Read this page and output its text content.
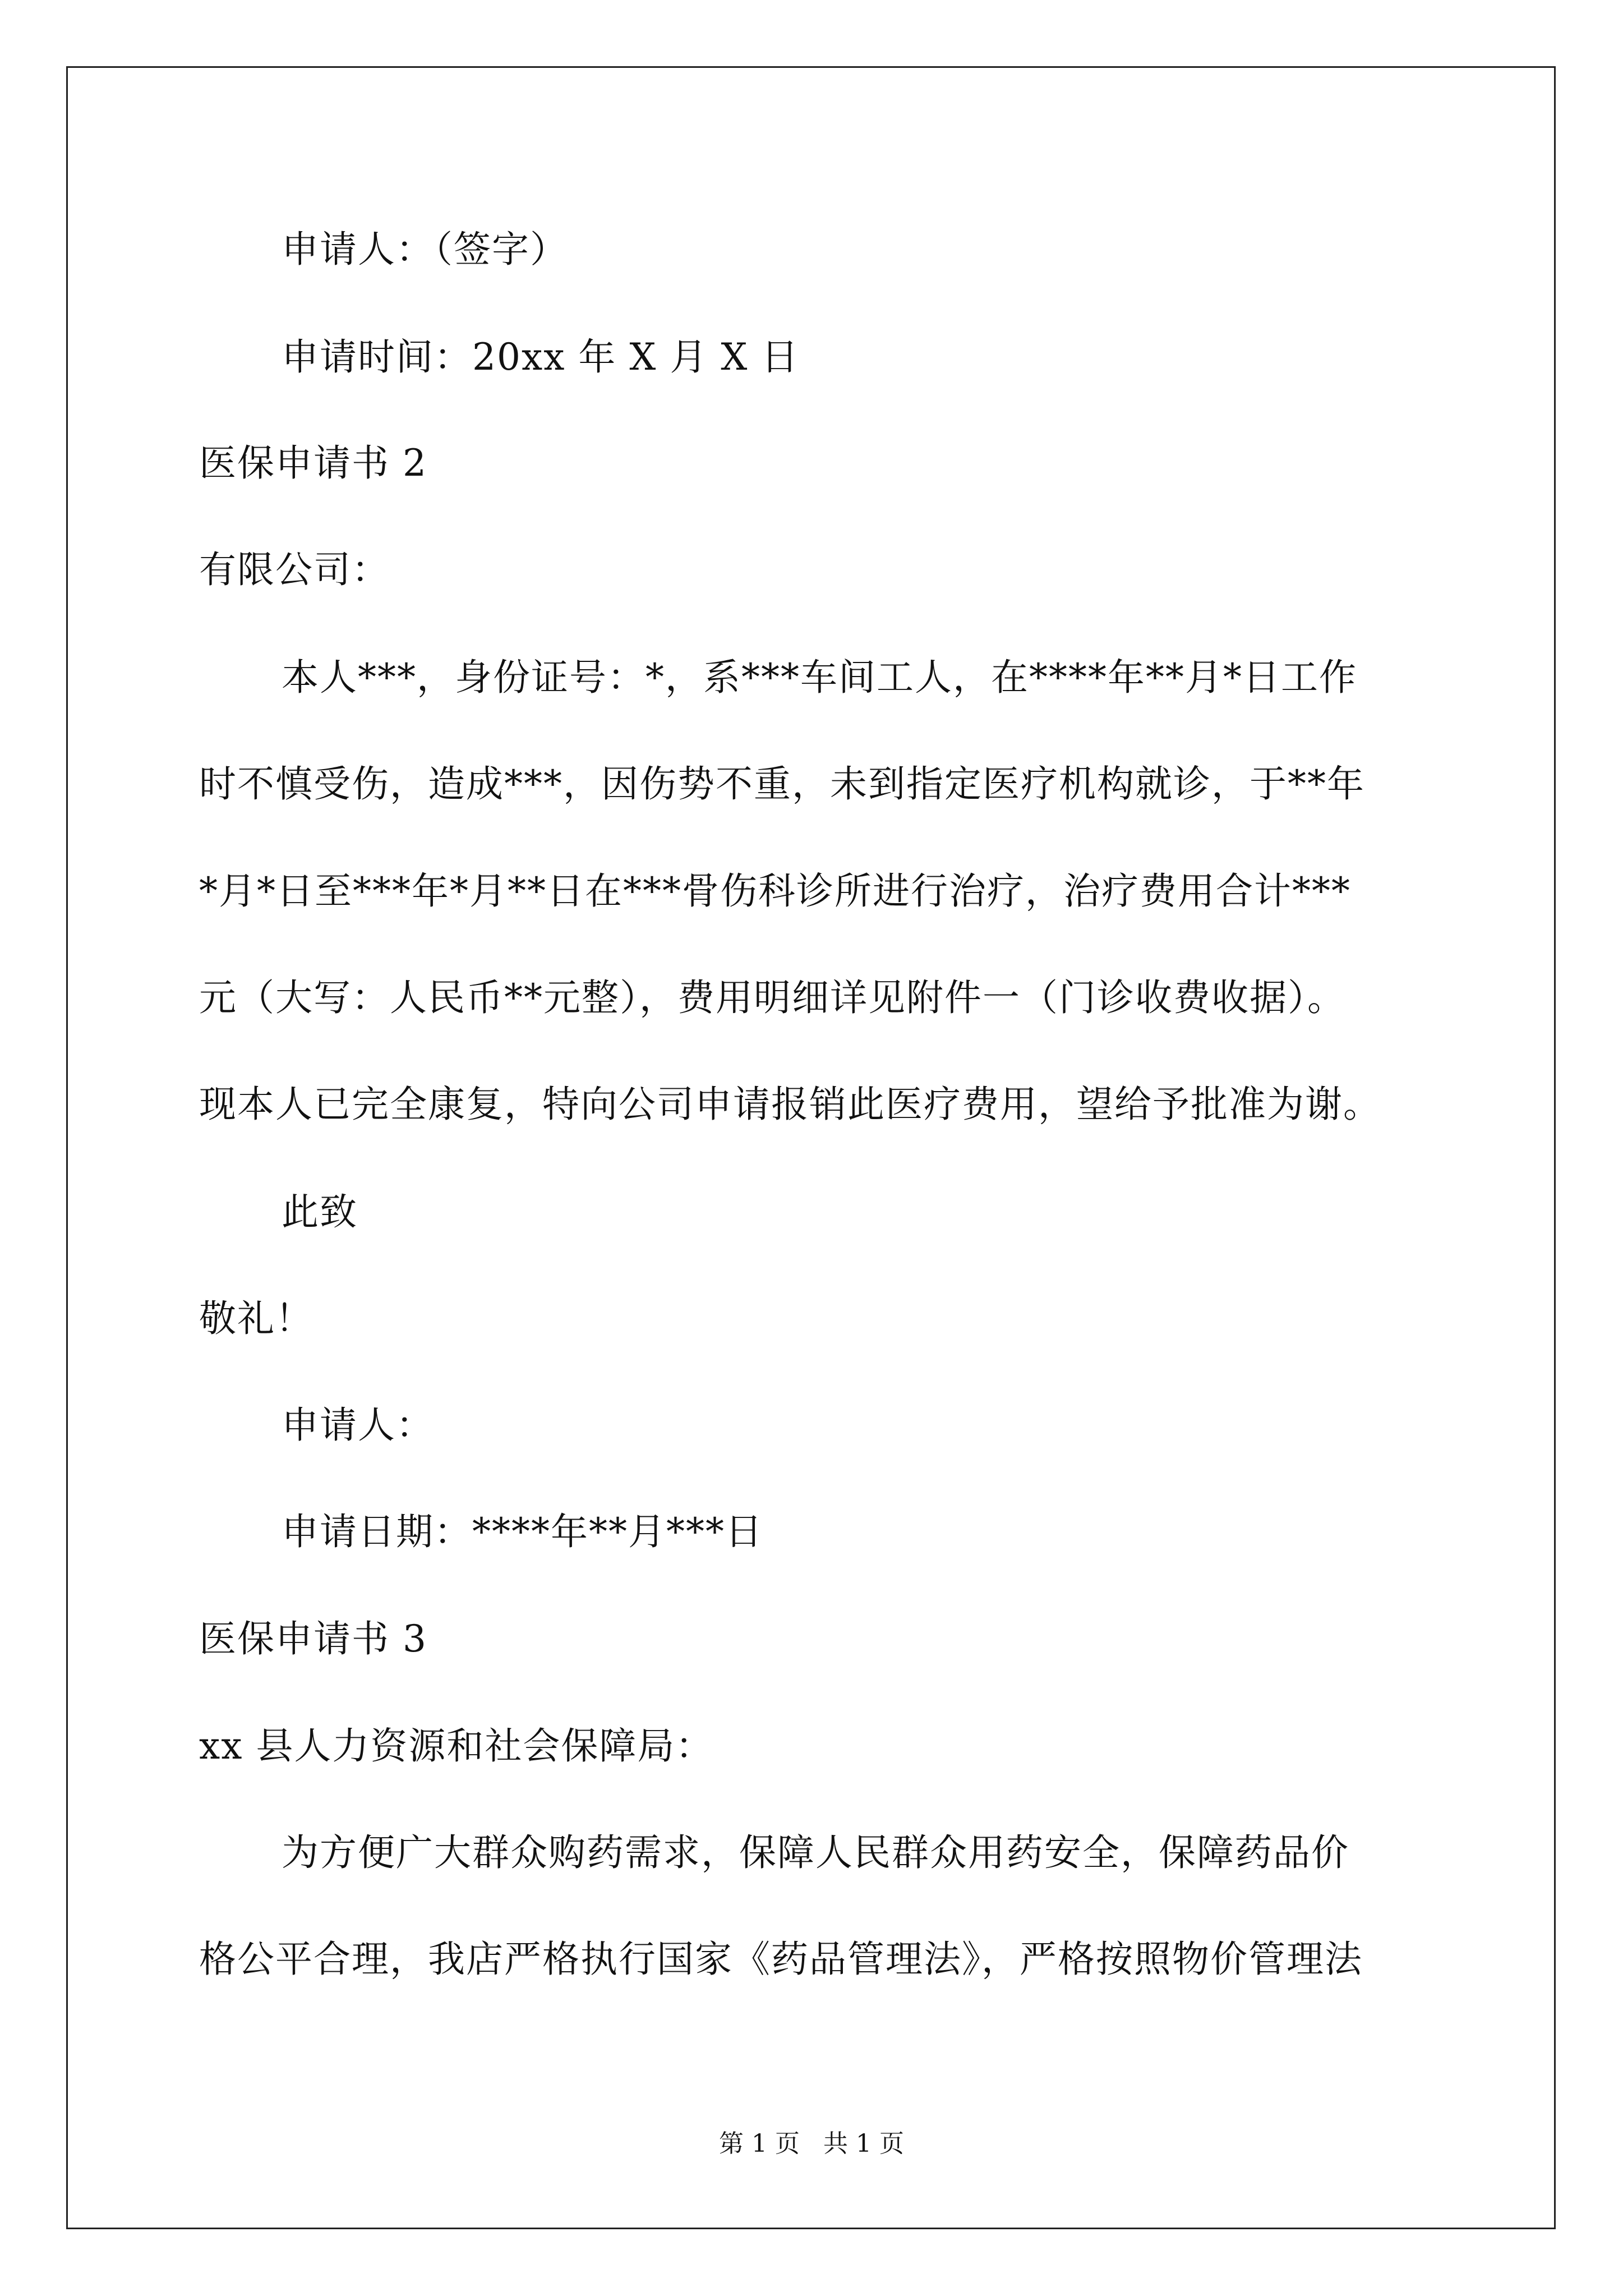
申请人：（签字）
申请时间：20xx 年 X 月 X 日
医保申请书 2
有限公司：
本人***，身份证号：*，系***车间工人，在****年**月*日工作
时不慎受伤，造成***，因伤势不重，未到指定医疗机构就诊，于**年
*月*日至***年*月**日在***骨伤科诊所进行治疗，治疗费用合计***
元（大写：人民币**元整），费用明细详见附件一（门诊收费收据）。
现本人已完全康复，特向公司申请报销此医疗费用，望给予批准为谢。
此致
敬礼！
申请人：
申请日期：****年**月***日
医保申请书 3
xx 县人力资源和社会保障局：
为方便广大群众购药需求，保障人民群众用药安全，保障药品价
格公平合理，我店严格执行国家《药品管理法》，严格按照物价管理法
第 1 页   共 1 页
